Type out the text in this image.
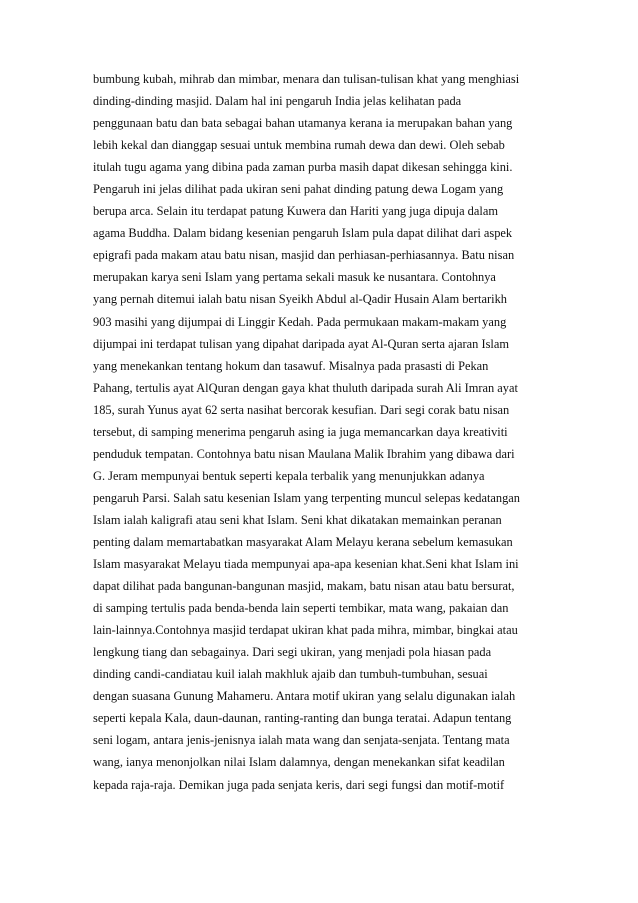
bumbung kubah, mihrab dan mimbar, menara dan tulisan-tulisan khat yang menghiasi
dinding-dinding masjid. Dalam hal ini pengaruh India jelas kelihatan pada
penggunaan batu dan bata sebagai bahan utamanya kerana ia merupakan bahan yang
lebih kekal dan dianggap sesuai untuk membina rumah dewa dan dewi. Oleh sebab
itulah tugu agama yang dibina pada zaman purba masih dapat dikesan sehingga kini.
Pengaruh ini jelas dilihat pada ukiran seni pahat dinding patung dewa Logam yang
berupa arca. Selain itu terdapat patung Kuwera dan Hariti yang juga dipuja dalam
agama Buddha. Dalam bidang kesenian pengaruh Islam pula dapat dilihat dari aspek
epigrafi pada makam atau batu nisan, masjid dan perhiasan-perhiasannya. Batu nisan
merupakan karya seni Islam yang pertama sekali masuk ke nusantara. Contohnya
yang pernah ditemui ialah batu nisan Syeikh Abdul al-Qadir Husain Alam bertarikh
903 masihi yang dijumpai di Linggir Kedah. Pada permukaan makam-makam yang
dijumpai ini terdapat tulisan yang dipahat daripada ayat Al-Quran serta ajaran Islam
yang menekankan tentang hokum dan tasawuf. Misalnya pada prasasti di Pekan
Pahang, tertulis ayat AlQuran dengan gaya khat thuluth daripada surah Ali Imran ayat
185, surah Yunus ayat 62 serta nasihat bercorak kesufian. Dari segi corak batu nisan
tersebut, di samping menerima pengaruh asing ia juga memancarkan daya kreativiti
penduduk tempatan. Contohnya batu nisan Maulana Malik Ibrahim yang dibawa dari
G. Jeram mempunyai bentuk seperti kepala terbalik yang menunjukkan adanya
pengaruh Parsi. Salah satu kesenian Islam yang terpenting muncul selepas kedatangan
Islam ialah kaligrafi atau seni khat Islam. Seni khat dikatakan memainkan peranan
penting dalam memartabatkan masyarakat Alam Melayu kerana sebelum kemasukan
Islam masyarakat Melayu tiada mempunyai apa-apa kesenian khat.Seni khat Islam ini
dapat dilihat pada bangunan-bangunan masjid, makam, batu nisan atau batu bersurat,
di samping tertulis pada benda-benda lain seperti tembikar, mata wang, pakaian dan
lain-lainnya.Contohnya masjid terdapat ukiran khat pada mihra, mimbar, bingkai atau
lengkung tiang dan sebagainya. Dari segi ukiran, yang menjadi pola hiasan pada
dinding candi-candiatau kuil ialah makhluk ajaib dan tumbuh-tumbuhan, sesuai
dengan suasana Gunung Mahameru. Antara motif ukiran yang selalu digunakan ialah
seperti kepala Kala, daun-daunan, ranting-ranting dan bunga teratai. Adapun tentang
seni logam, antara jenis-jenisnya ialah mata wang dan senjata-senjata. Tentang mata
wang, ianya menonjolkan nilai Islam dalamnya, dengan menekankan sifat keadilan
kepada raja-raja. Demikan juga pada senjata keris, dari segi fungsi dan motif-motif
